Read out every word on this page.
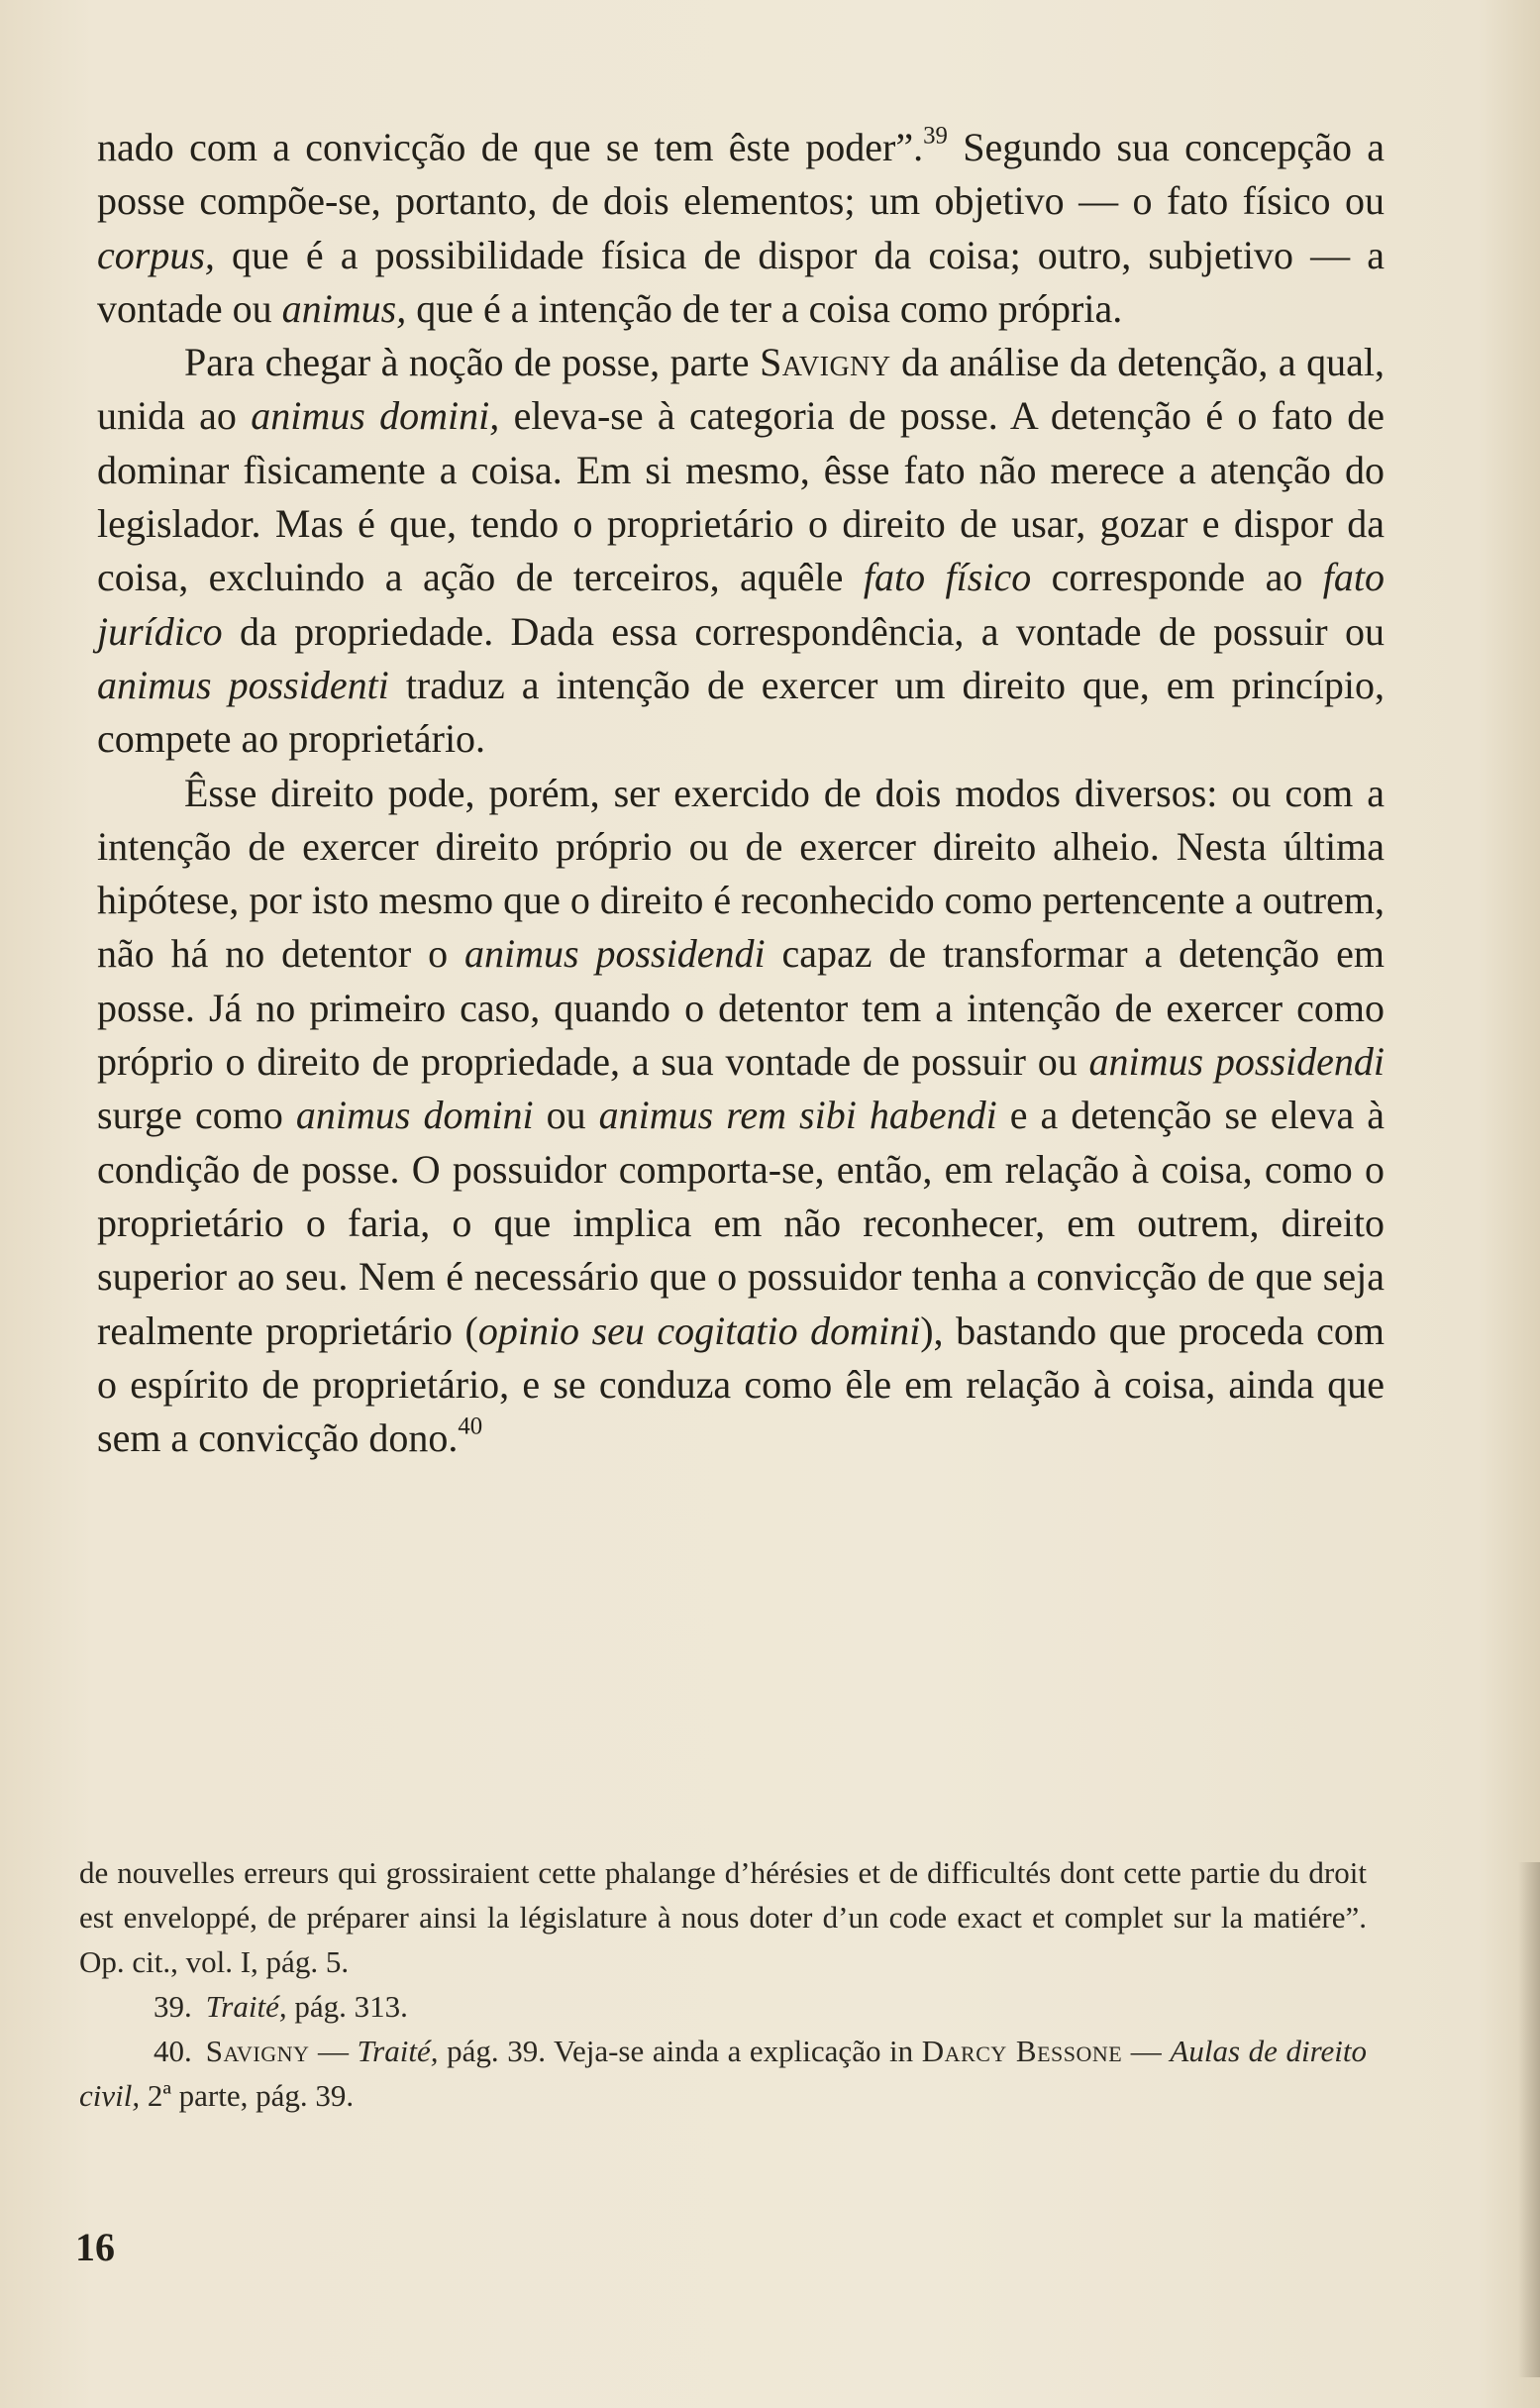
nado com a convicção de que se tem êste poder”.$^{39}$ Segundo sua concepção a posse compõe-se, portanto, de dois elementos; um objetivo — o fato físico ou corpus, que é a possibilidade física de dispor da coisa; outro, subjetivo — a vontade ou animus, que é a intenção de ter a coisa como própria.

Para chegar à noção de posse, parte Savigny da análise da detenção, a qual, unida ao animus domini, eleva-se à categoria de posse. A detenção é o fato de dominar fìsicamente a coisa. Em si mesmo, êsse fato não merece a atenção do legislador. Mas é que, tendo o proprietário o direito de usar, gozar e dispor da coisa, excluindo a ação de terceiros, aquêle fato físico corresponde ao fato jurídico da propriedade. Dada essa correspondência, a vontade de possuir ou animus possidenti traduz a intenção de exercer um direito que, em princípio, compete ao proprietário.

Êsse direito pode, porém, ser exercido de dois modos diversos: ou com a intenção de exercer direito próprio ou de exercer direito alheio. Nesta última hipótese, por isto mesmo que o direito é reconhecido como pertencente a outrem, não há no detentor o animus possidendi capaz de transformar a detenção em posse. Já no primeiro caso, quando o detentor tem a intenção de exercer como próprio o direito de propriedade, a sua vontade de possuir ou animus possidendi surge como animus domini ou animus rem sibi habendi e a detenção se eleva à condição de posse. O possuidor comporta-se, então, em relação à coisa, como o proprietário o faria, o que implica em não reconhecer, em outrem, direito superior ao seu. Nem é necessário que o possuidor tenha a convicção de que seja realmente proprietário (opinio seu cogitatio domini), bastando que proceda com o espírito de proprietário, e se conduza como êle em relação à coisa, ainda que sem a convicção dono.$^{40}$

de nouvelles erreurs qui grossiraient cette phalange d’hérésies et de difficultés dont cette partie du droit est enveloppé, de préparer ainsi la législature à nous doter d’un code exact et complet sur la matiére”. Op. cit., vol. I, pág. 5.

39. Traité, pág. 313.

40. Savigny — Traité, pág. 39. Veja-se ainda a explicação in Darcy Bessone — Aulas de direito civil, 2ª parte, pág. 39.

16
